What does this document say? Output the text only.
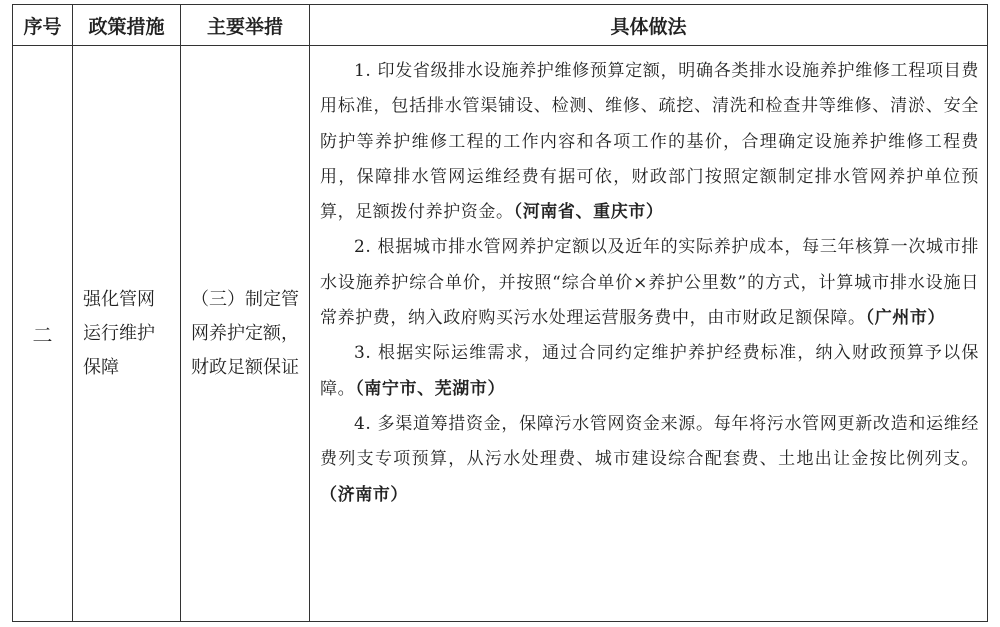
序号	政策措施	主要举措	具体做法
二	强化管网运行维护保障	（三）制定管网养护定额，财政足额保证	1. 印发省级排水设施养护维修预算定额，明确各类排水设施养护维修工程项目费用标准，包括排水管渠铺设、检测、维修、疏挖、清洗和检查井等维修、清淤、安全防护等养护维修工程的工作内容和各项工作的基价，合理确定设施养护维修工程费用，保障排水管网运维经费有据可依，财政部门按照定额制定排水管网养护单位预算，足额拨付养护资金。（河南省、重庆市）

2. 根据城市排水管网养护定额以及近年的实际养护成本，每三年核算一次城市排水设施养护综合单价，并按照“综合单价×养护公里数”的方式，计算城市排水设施日常养护费，纳入政府购买污水处理运营服务费中，由市财政足额保障。（广州市）

3. 根据实际运维需求，通过合同约定维护养护经费标准，纳入财政预算予以保障。（南宁市、芜湖市）

4. 多渠道筹措资金，保障污水管网资金来源。每年将污水管网更新改造和运维经费列支专项预算，从污水处理费、城市建设综合配套费、土地出让金按比例列支。（济南市）
